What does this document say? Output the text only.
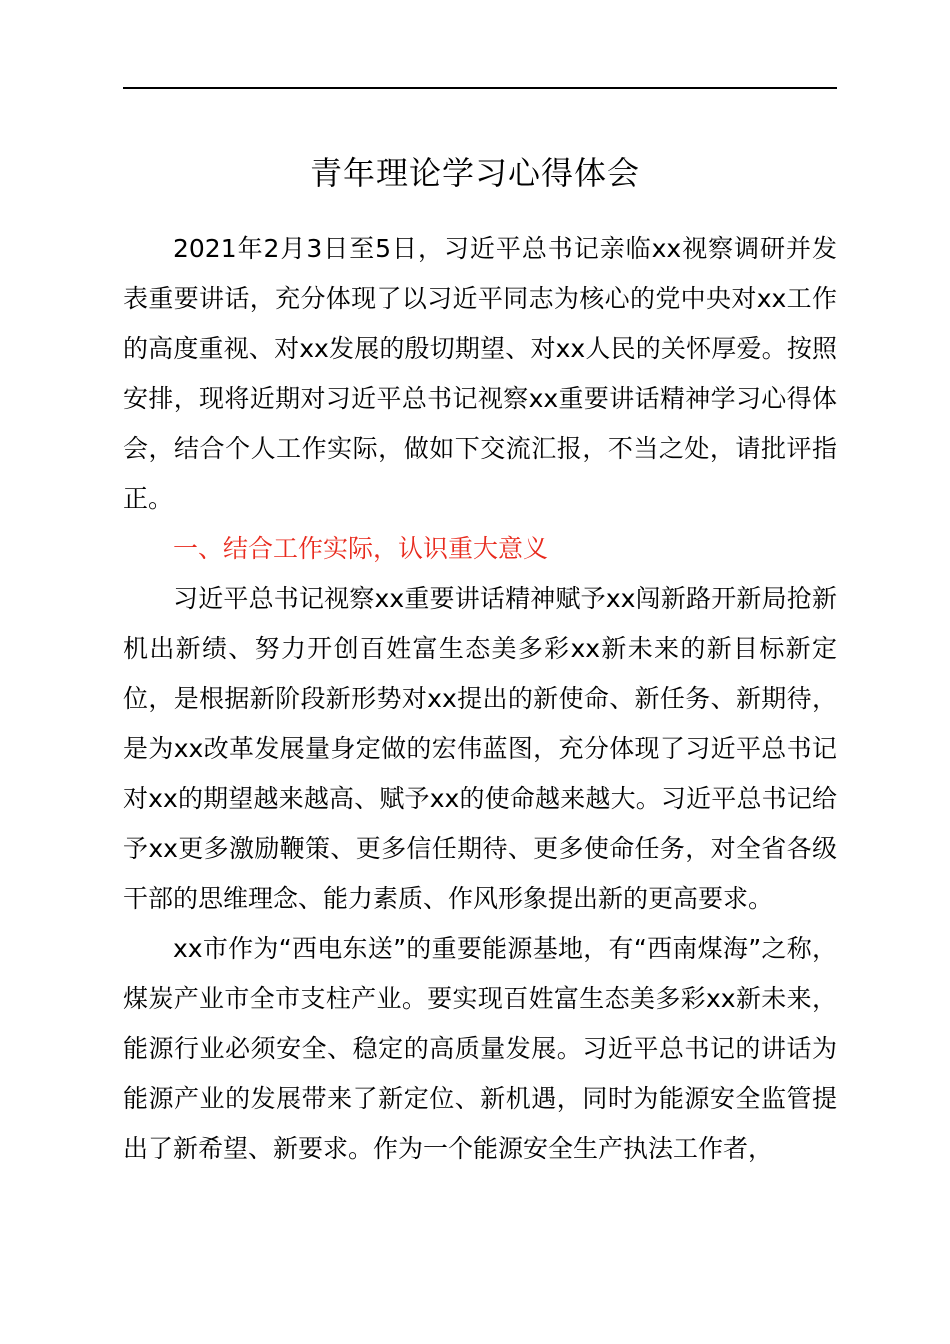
青年理论学习心得体会

2021年2月3日至5日，习近平总书记亲临xx视察调研并发表重要讲话，充分体现了以习近平同志为核心的党中央对xx工作的高度重视、对xx发展的殷切期望、对xx人民的关怀厚爱。按照安排，现将近期对习近平总书记视察xx重要讲话精神学习心得体会，结合个人工作实际，做如下交流汇报，不当之处，请批评指正。

一、结合工作实际，认识重大意义

习近平总书记视察xx重要讲话精神赋予xx闯新路开新局抢新机出新绩、努力开创百姓富生态美多彩xx新未来的新目标新定位，是根据新阶段新形势对xx提出的新使命、新任务、新期待，是为xx改革发展量身定做的宏伟蓝图，充分体现了习近平总书记对xx的期望越来越高、赋予xx的使命越来越大。习近平总书记给予xx更多激励鞭策、更多信任期待、更多使命任务，对全省各级干部的思维理念、能力素质、作风形象提出新的更高要求。

xx市作为“西电东送”的重要能源基地，有“西南煤海”之称，煤炭产业市全市支柱产业。要实现百姓富生态美多彩xx新未来，能源行业必须安全、稳定的高质量发展。习近平总书记的讲话为能源产业的发展带来了新定位、新机遇，同时为能源安全监管提出了新希望、新要求。作为一个能源安全生产执法工作者，
